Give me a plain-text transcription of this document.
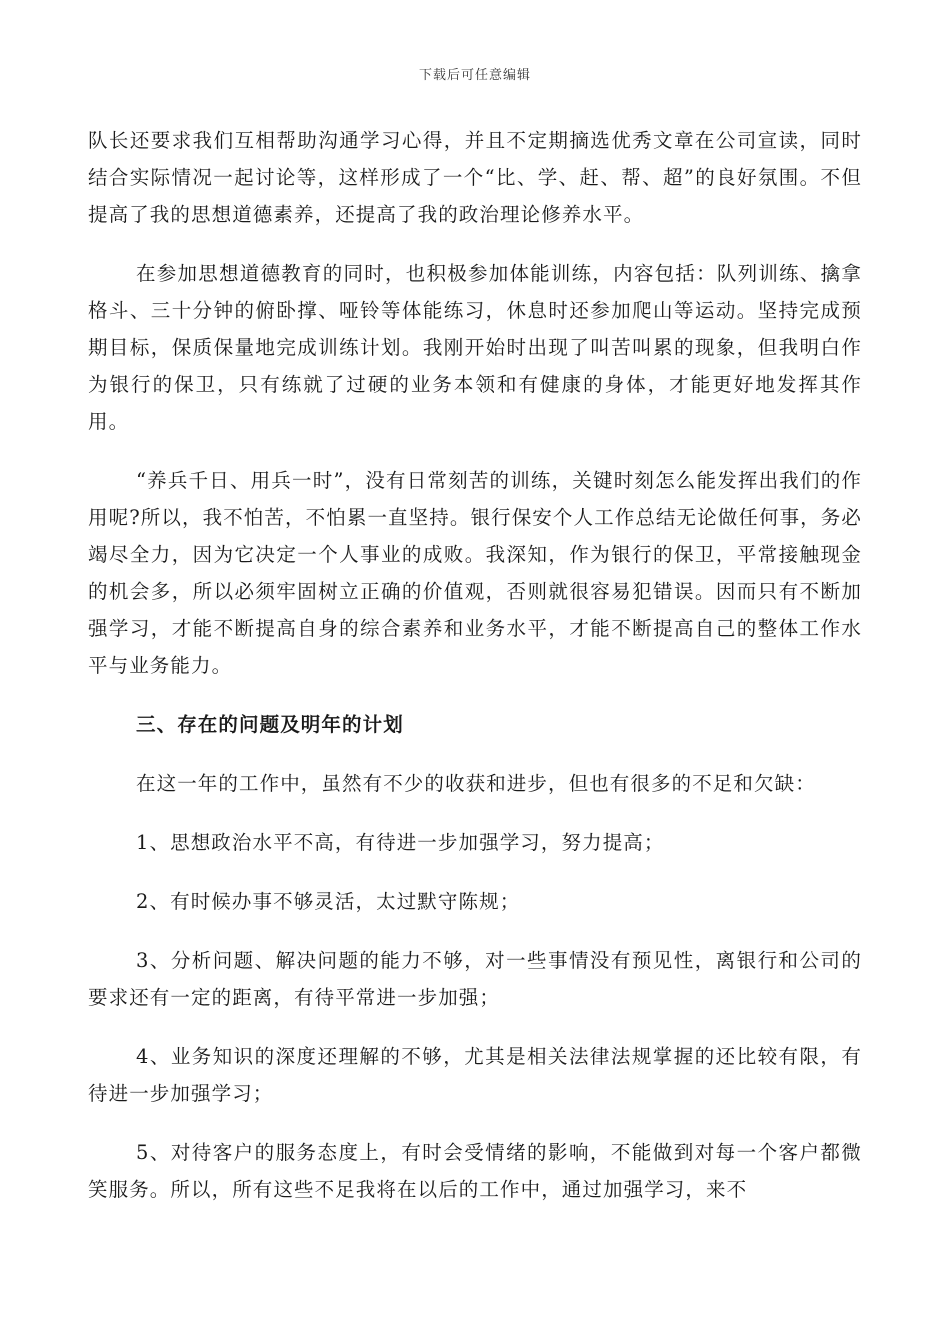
下载后可任意编辑

队长还要求我们互相帮助沟通学习心得，并且不定期摘选优秀文章在公司宣读，同时结合实际情况一起讨论等，这样形成了一个“比、学、赶、帮、超”的良好氛围。不但提高了我的思想道德素养，还提高了我的政治理论修养水平。

在参加思想道德教育的同时，也积极参加体能训练，内容包括：队列训练、擒拿格斗、三十分钟的俯卧撑、哑铃等体能练习，休息时还参加爬山等运动。坚持完成预期目标，保质保量地完成训练计划。我刚开始时出现了叫苦叫累的现象，但我明白作为银行的保卫，只有练就了过硬的业务本领和有健康的身体，才能更好地发挥其作用。

“养兵千日、用兵一时”，没有日常刻苦的训练，关键时刻怎么能发挥出我们的作用呢?所以，我不怕苦，不怕累一直坚持。银行保安个人工作总结无论做任何事，务必竭尽全力，因为它决定一个人事业的成败。我深知，作为银行的保卫，平常接触现金的机会多，所以必须牢固树立正确的价值观，否则就很容易犯错误。因而只有不断加强学习，才能不断提高自身的综合素养和业务水平，才能不断提高自己的整体工作水平与业务能力。

三、存在的问题及明年的计划

在这一年的工作中，虽然有不少的收获和进步，但也有很多的不足和欠缺：

1、思想政治水平不高，有待进一步加强学习，努力提高；

2、有时候办事不够灵活，太过默守陈规；

3、分析问题、解决问题的能力不够，对一些事情没有预见性，离银行和公司的要求还有一定的距离，有待平常进一步加强；

4、业务知识的深度还理解的不够，尤其是相关法律法规掌握的还比较有限，有待进一步加强学习；

5、对待客户的服务态度上，有时会受情绪的影响，不能做到对每一个客户都微笑服务。所以，所有这些不足我将在以后的工作中，通过加强学习，来不
